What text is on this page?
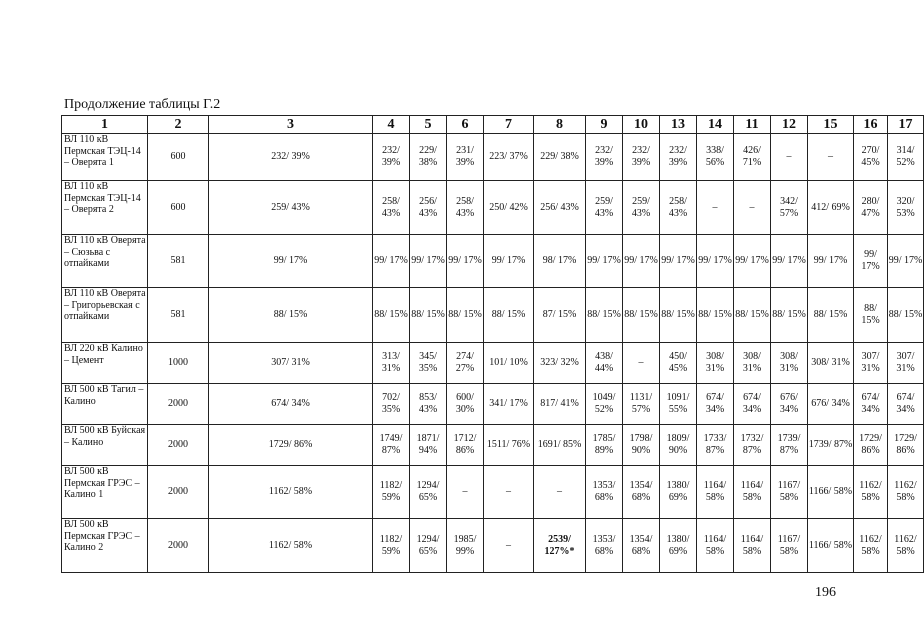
Продолжение таблицы Г.2
1	2	3	4	5	6	7	8	9	10	13	14	11	12	15	16	17
ВЛ 110 кВ Пермская ТЭЦ-14 – Оверята 1	600	232/ 39%	232/ 39%	229/ 38%	231/ 39%	223/ 37%	229/ 38%	232/ 39%	232/ 39%	232/ 39%	338/ 56%	426/ 71%	–	–	270/ 45%	314/ 52%
ВЛ 110 кВ Пермская ТЭЦ-14 – Оверята 2	600	259/ 43%	258/ 43%	256/ 43%	258/ 43%	250/ 42%	256/ 43%	259/ 43%	259/ 43%	258/ 43%	–	–	342/ 57%	412/ 69%	280/ 47%	320/ 53%
ВЛ 110 кВ Оверята – Сюзьва с отпайками	581	99/ 17%	99/ 17%	99/ 17%	99/ 17%	99/ 17%	98/ 17%	99/ 17%	99/ 17%	99/ 17%	99/ 17%	99/ 17%	99/ 17%	99/ 17%	99/ 17%	99/ 17%
ВЛ 110 кВ Оверята – Григорьевская с отпайками	581	88/ 15%	88/ 15%	88/ 15%	88/ 15%	88/ 15%	87/ 15%	88/ 15%	88/ 15%	88/ 15%	88/ 15%	88/ 15%	88/ 15%	88/ 15%	88/ 15%	88/ 15%
ВЛ 220 кВ Калино – Цемент	1000	307/ 31%	313/ 31%	345/ 35%	274/ 27%	101/ 10%	323/ 32%	438/ 44%	–	450/ 45%	308/ 31%	308/ 31%	308/ 31%	308/ 31%	307/ 31%	307/ 31%
ВЛ 500 кВ Тагил – Калино	2000	674/ 34%	702/ 35%	853/ 43%	600/ 30%	341/ 17%	817/ 41%	1049/ 52%	1131/ 57%	1091/ 55%	674/ 34%	674/ 34%	676/ 34%	676/ 34%	674/ 34%	674/ 34%
ВЛ 500 кВ Буйская – Калино	2000	1729/ 86%	1749/ 87%	1871/ 94%	1712/ 86%	1511/ 76%	1691/ 85%	1785/ 89%	1798/ 90%	1809/ 90%	1733/ 87%	1732/ 87%	1739/ 87%	1739/ 87%	1729/ 86%	1729/ 86%
ВЛ 500 кВ Пермская ГРЭС – Калино 1	2000	1162/ 58%	1182/ 59%	1294/ 65%	–	–	–	1353/ 68%	1354/ 68%	1380/ 69%	1164/ 58%	1164/ 58%	1167/ 58%	1166/ 58%	1162/ 58%	1162/ 58%
ВЛ 500 кВ Пермская ГРЭС – Калино 2	2000	1162/ 58%	1182/ 59%	1294/ 65%	1985/ 99%	–	2539/ 127%*	1353/ 68%	1354/ 68%	1380/ 69%	1164/ 58%	1164/ 58%	1167/ 58%	1166/ 58%	1162/ 58%	1162/ 58%
196
